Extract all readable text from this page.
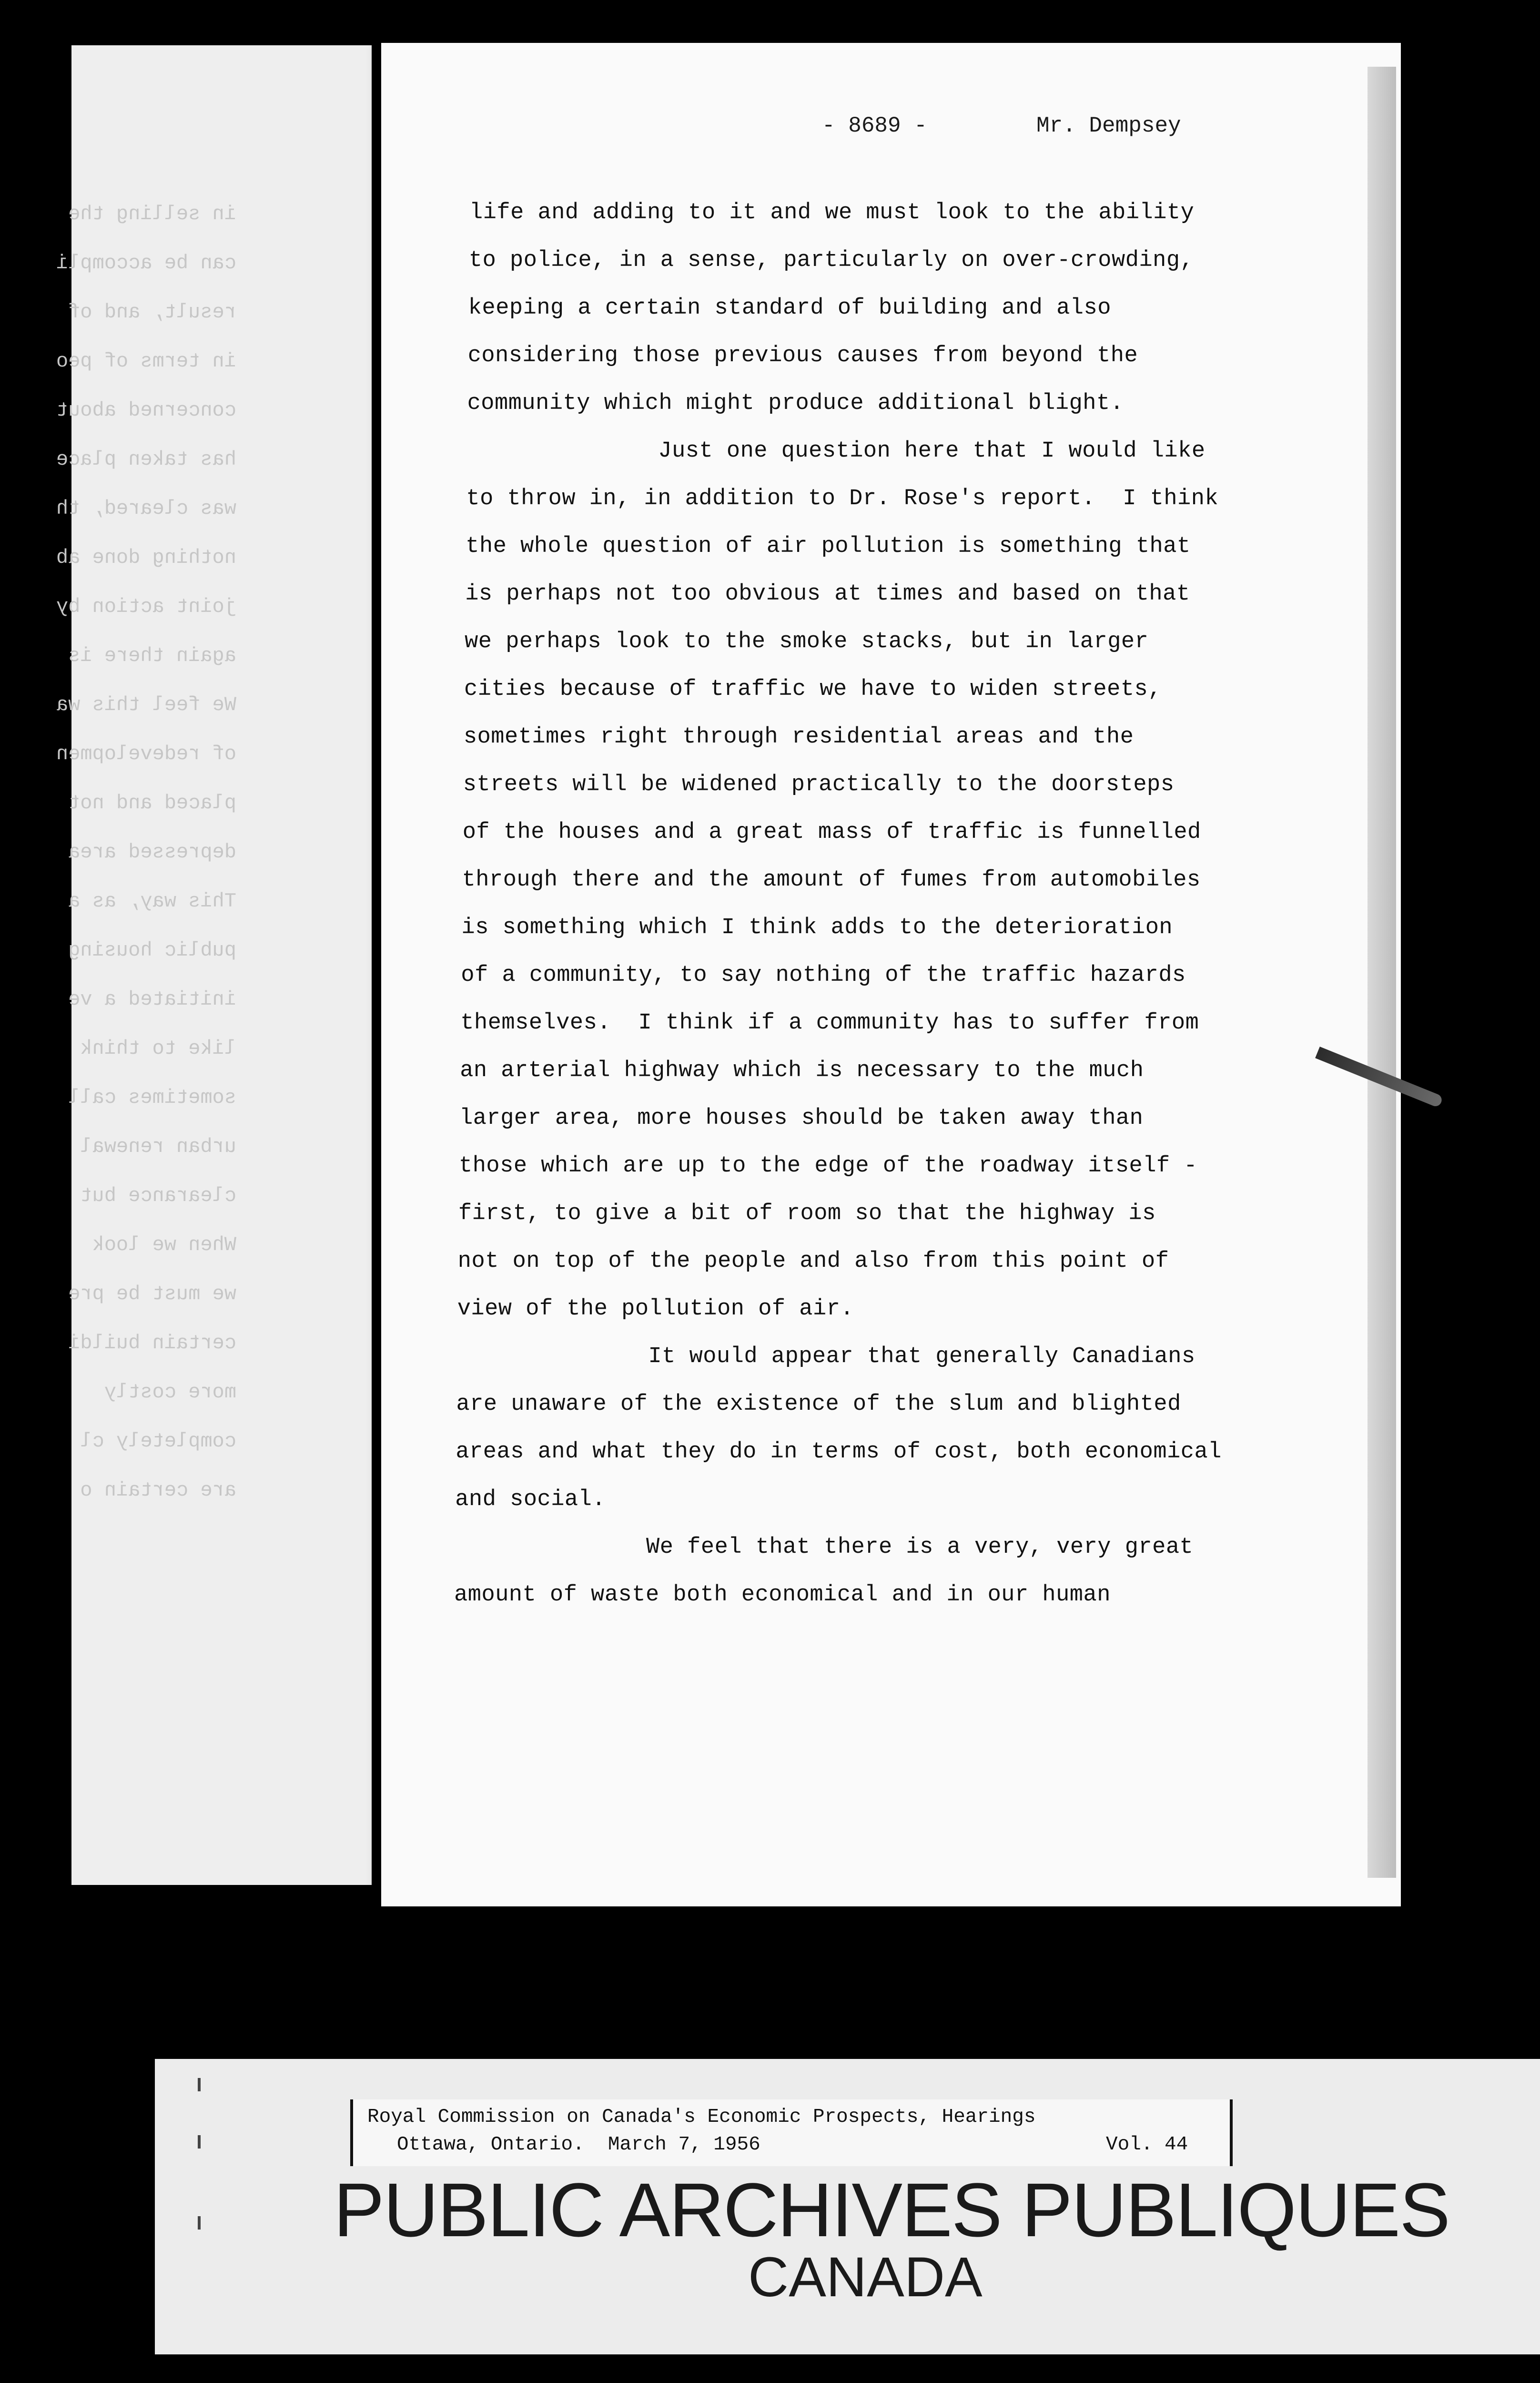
in selling the
can be accompli
result, and of
in terms of peo
concerned about
has taken place
was cleared, th
nothing done ab
joint action by
again there is
We feel this wa
of redevelopmen
placed and not
depressed area
This way, as a
public housing
initiated a ve
like to think
sometimes call
urban renewal
clearance but
When we look
we must be pre
certain buildi
more costly
completely cl
are certain o
- 8689 -	Mr. Dempsey
life and adding to it and we must look to the ability
to police, in a sense, particularly on over-crowding,
keeping a certain standard of building and also
considering those previous causes from beyond the
community which might produce additional blight.
Just one question here that I would like
to throw in, in addition to Dr. Rose's report.  I think
the whole question of air pollution is something that
is perhaps not too obvious at times and based on that
we perhaps look to the smoke stacks, but in larger
cities because of traffic we have to widen streets,
sometimes right through residential areas and the
streets will be widened practically to the doorsteps
of the houses and a great mass of traffic is funnelled
through there and the amount of fumes from automobiles
is something which I think adds to the deterioration
of a community, to say nothing of the traffic hazards
themselves.  I think if a community has to suffer from
an arterial highway which is necessary to the much
larger area, more houses should be taken away than
those which are up to the edge of the roadway itself -
first, to give a bit of room so that the highway is
not on top of the people and also from this point of
view of the pollution of air.
It would appear that generally Canadians
are unaware of the existence of the slum and blighted
areas and what they do in terms of cost, both economical
and social.
We feel that there is a very, very great
amount of waste both economical and in our human
Royal Commission on Canada's Economic Prospects, Hearings
Ottawa, Ontario.  March 7, 1956	Vol. 44
PUBLIC ARCHIVES PUBLIQUES
CANADA
